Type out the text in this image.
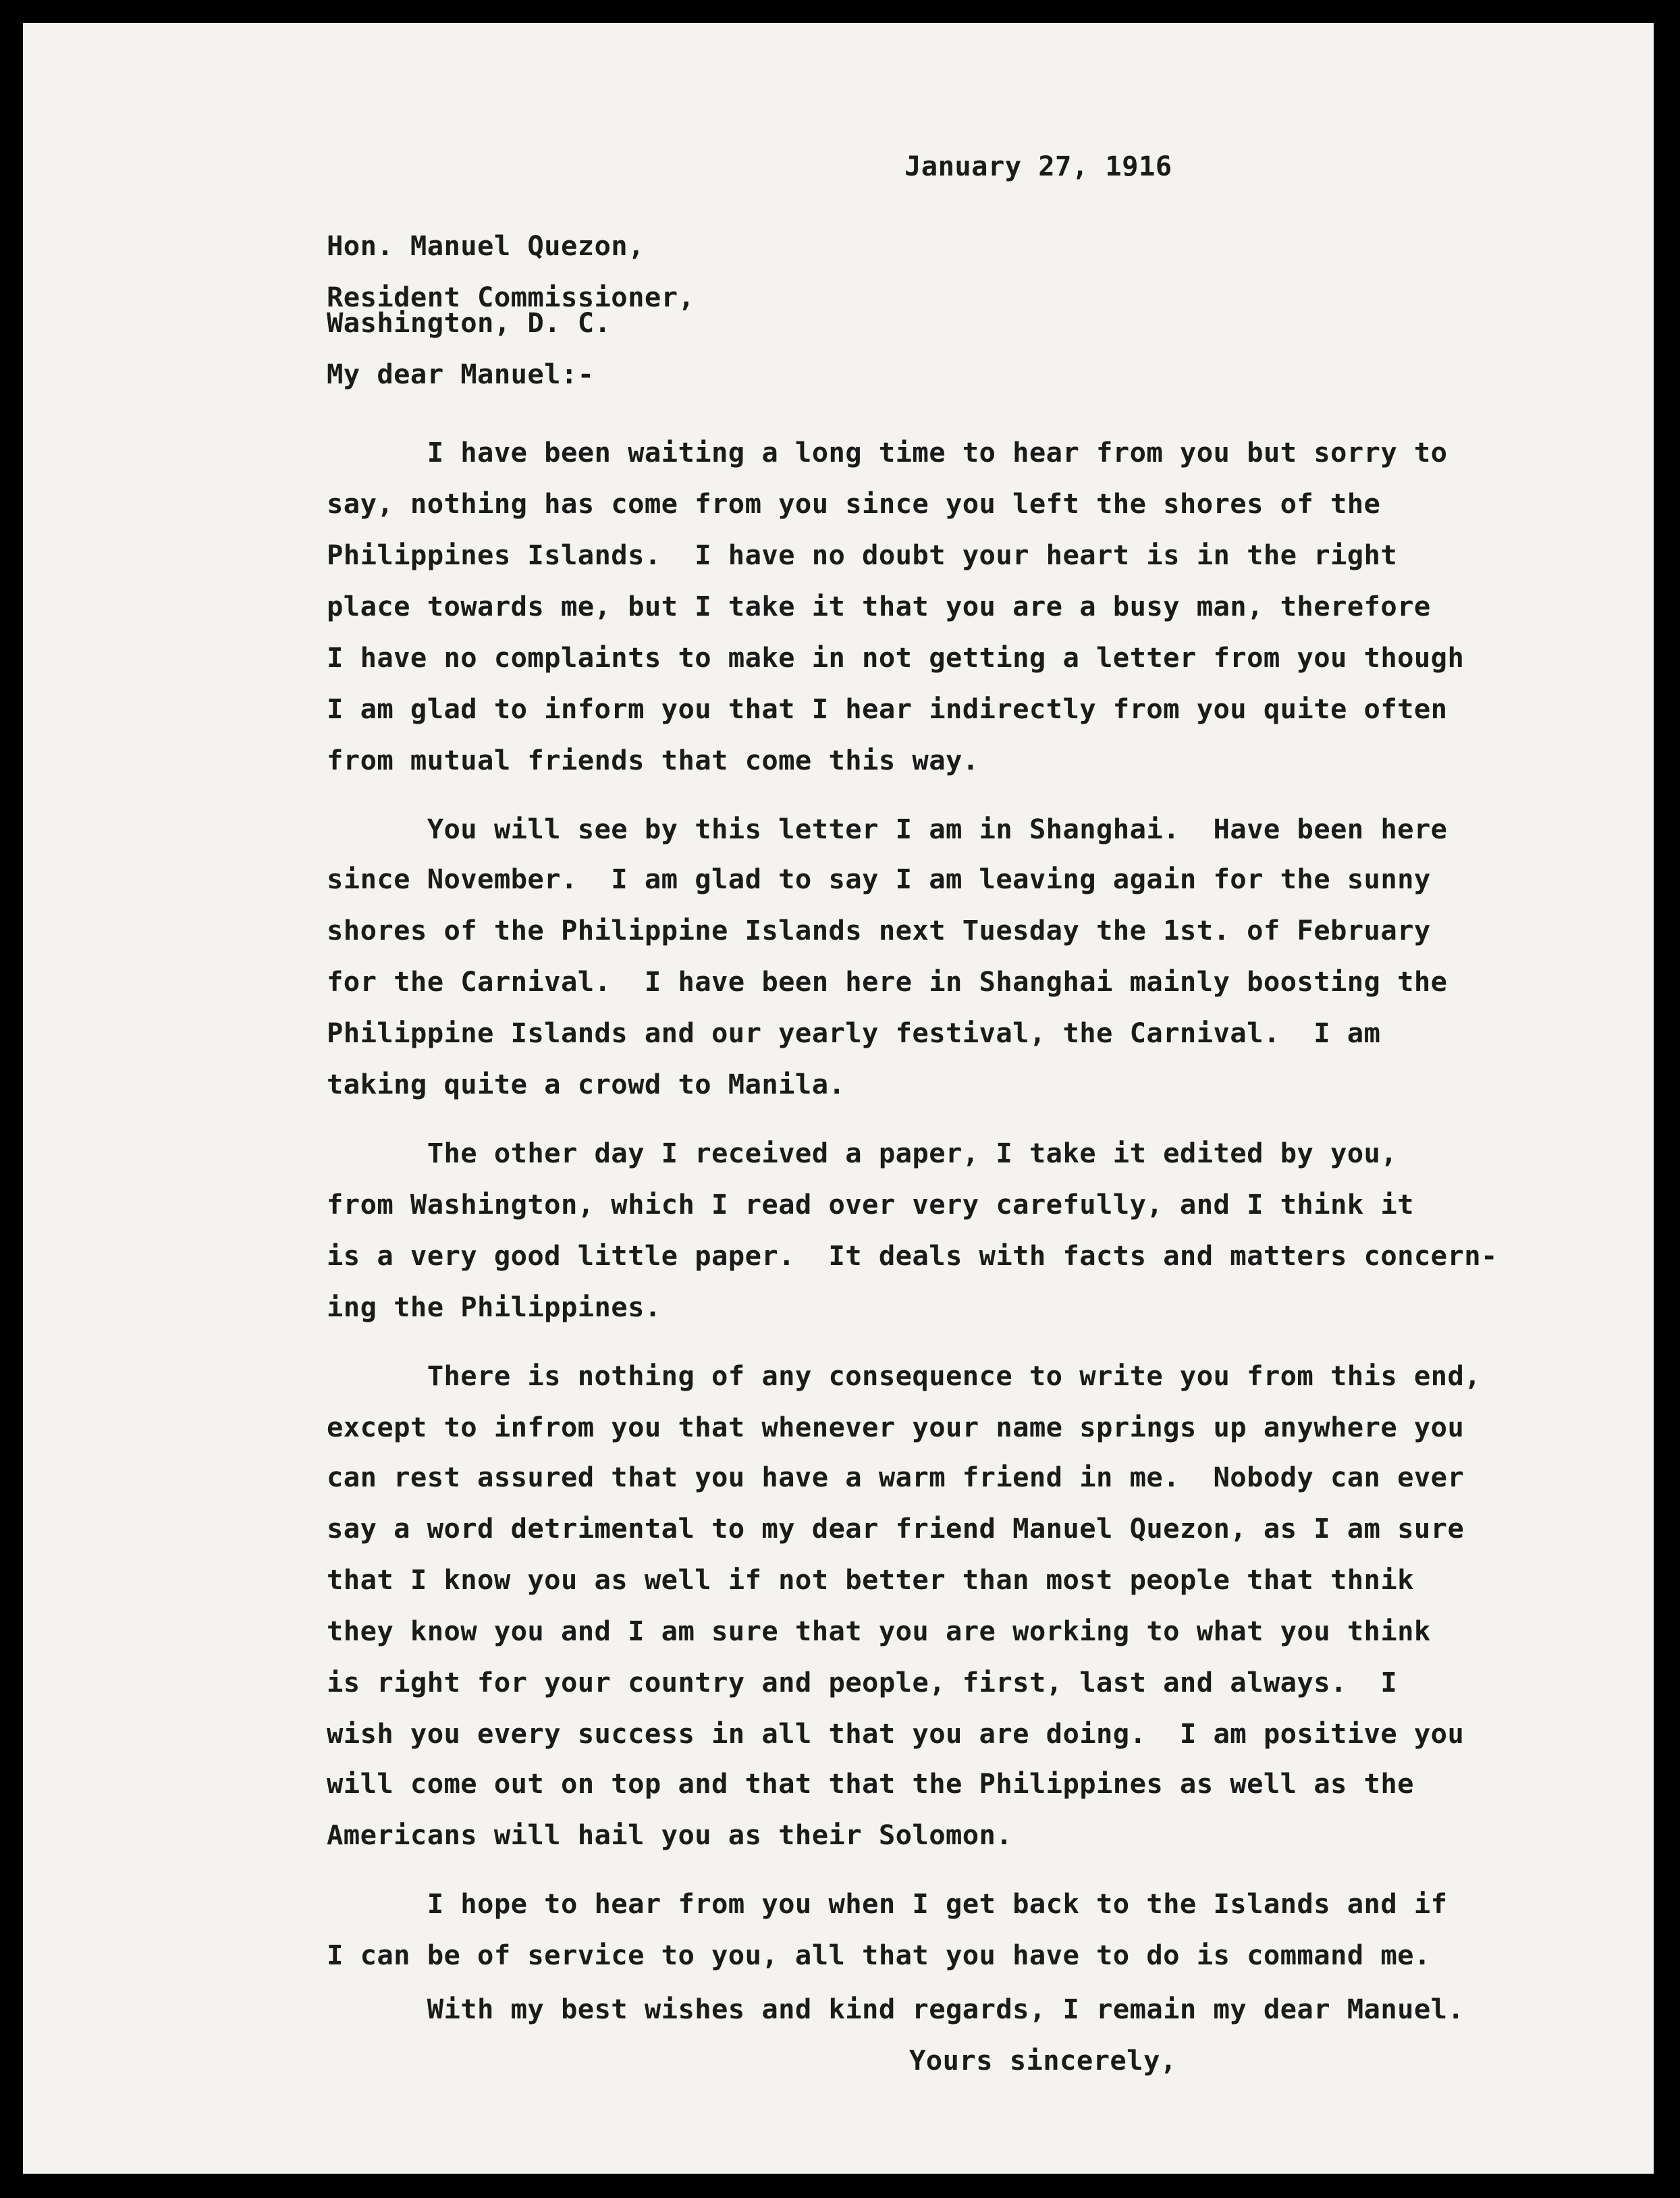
January 27, 1916
Hon. Manuel Quezon,
Resident Commissioner,
Washington, D. C.
My dear Manuel:-
I have been waiting a long time to hear from you but sorry to
say, nothing has come from you since you left the shores of the
Philippines Islands.  I have no doubt your heart is in the right
place towards me, but I take it that you are a busy man, therefore
I have no complaints to make in not getting a letter from you though
I am glad to inform you that I hear indirectly from you quite often
from mutual friends that come this way.
You will see by this letter I am in Shanghai.  Have been here
since November.  I am glad to say I am leaving again for the sunny
shores of the Philippine Islands next Tuesday the 1st. of February
for the Carnival.  I have been here in Shanghai mainly boosting the
Philippine Islands and our yearly festival, the Carnival.  I am
taking quite a crowd to Manila.
The other day I received a paper, I take it edited by you,
from Washington, which I read over very carefully, and I think it
is a very good little paper.  It deals with facts and matters concern-
ing the Philippines.
There is nothing of any consequence to write you from this end,
except to infrom you that whenever your name springs up anywhere you
can rest assured that you have a warm friend in me.  Nobody can ever
say a word detrimental to my dear friend Manuel Quezon, as I am sure
that I know you as well if not better than most people that thnik
they know you and I am sure that you are working to what you think
is right for your country and people, first, last and always.  I
wish you every success in all that you are doing.  I am positive you
will come out on top and that that the Philippines as well as the
Americans will hail you as their Solomon.
I hope to hear from you when I get back to the Islands and if
I can be of service to you, all that you have to do is command me.
With my best wishes and kind regards, I remain my dear Manuel.
Yours sincerely,
